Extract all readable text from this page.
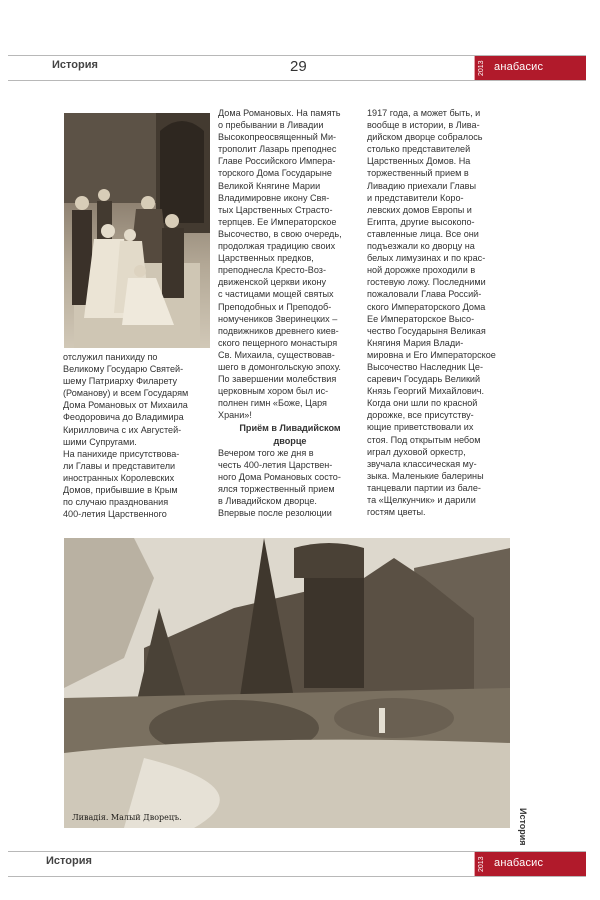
История	29	2013 анабасис

отслужил панихиду по

Великому Государю Святей-

шему Патриарху Филарету

(Романову) и всем Государям

Дома Романовых от Михаила

Феодоровича до Владимира

Кирилловича с их Августей-

шими Супругами.

На панихиде присутствова-

ли Главы и представители

иностранных Королевских

Домов, прибывшие в Крым

по случаю празднования

400-летия Царственного

Дома Романовых. На память

о пребывании в Ливадии

Высокопреосвященный Ми-

трополит Лазарь преподнес

Главе Российского Импера-

торского Дома Государыне

Великой Княгине Марии

Владимировне икону Свя-

тых Царственных Страсто-

терпцев. Ее Императорское

Высочество, в свою очередь,

продолжая традицию своих

Царственных предков,

преподнесла Кресто-Воз-

движенской церкви икону

с частицами мощей святых

Преподобных и Преподоб-

номучеников Зверинецких –

подвижников древнего киев-

ского пещерного монастыря

Св. Михаила, существовав-

шего в домонгольскую эпоху.

По завершении молебствия

церковным хором был ис-

полнен гимн «Боже, Царя

Храни»!

Приём в Ливадийском

дворце

Вечером того же дня в

честь 400-летия Царствен-

ного Дома Романовых состо-

ялся торжественный прием

в Ливадийском дворце.

Впервые после резолюции

1917 года, а может быть, и

вообще в истории, в Лива-

дийском дворце собралось

столько представителей

Царственных Домов. На

торжественный прием в

Ливадию приехали Главы

и представители Коро-

левских домов Европы и

Египта, другие высокопо-

ставленные лица. Все они

подъезжали ко дворцу на

белых лимузинах и по крас-

ной дорожке проходили в

гостевую ложу. Последними

пожаловали Глава Россий-

ского Императорского Дома

Ее Императорское Высо-

чество Государыня Великая

Княгиня Мария Влади-

мировна и Его Императорское

Высочество Наследник Це-

саревич Государь Великий

Князь Георгий Михайлович.

Когда они шли по красной

дорожке, все присутству-

ющие приветствовали их

стоя. Под открытым небом

играл духовой оркестр,

звучала классическая му-

зыка. Маленькие балерины

танцевали партии из бале-

та «Щелкунчик» и дарили

гостям цветы.

Ливадія. Малый Дворецъ.	История
История	2013 анабасис
